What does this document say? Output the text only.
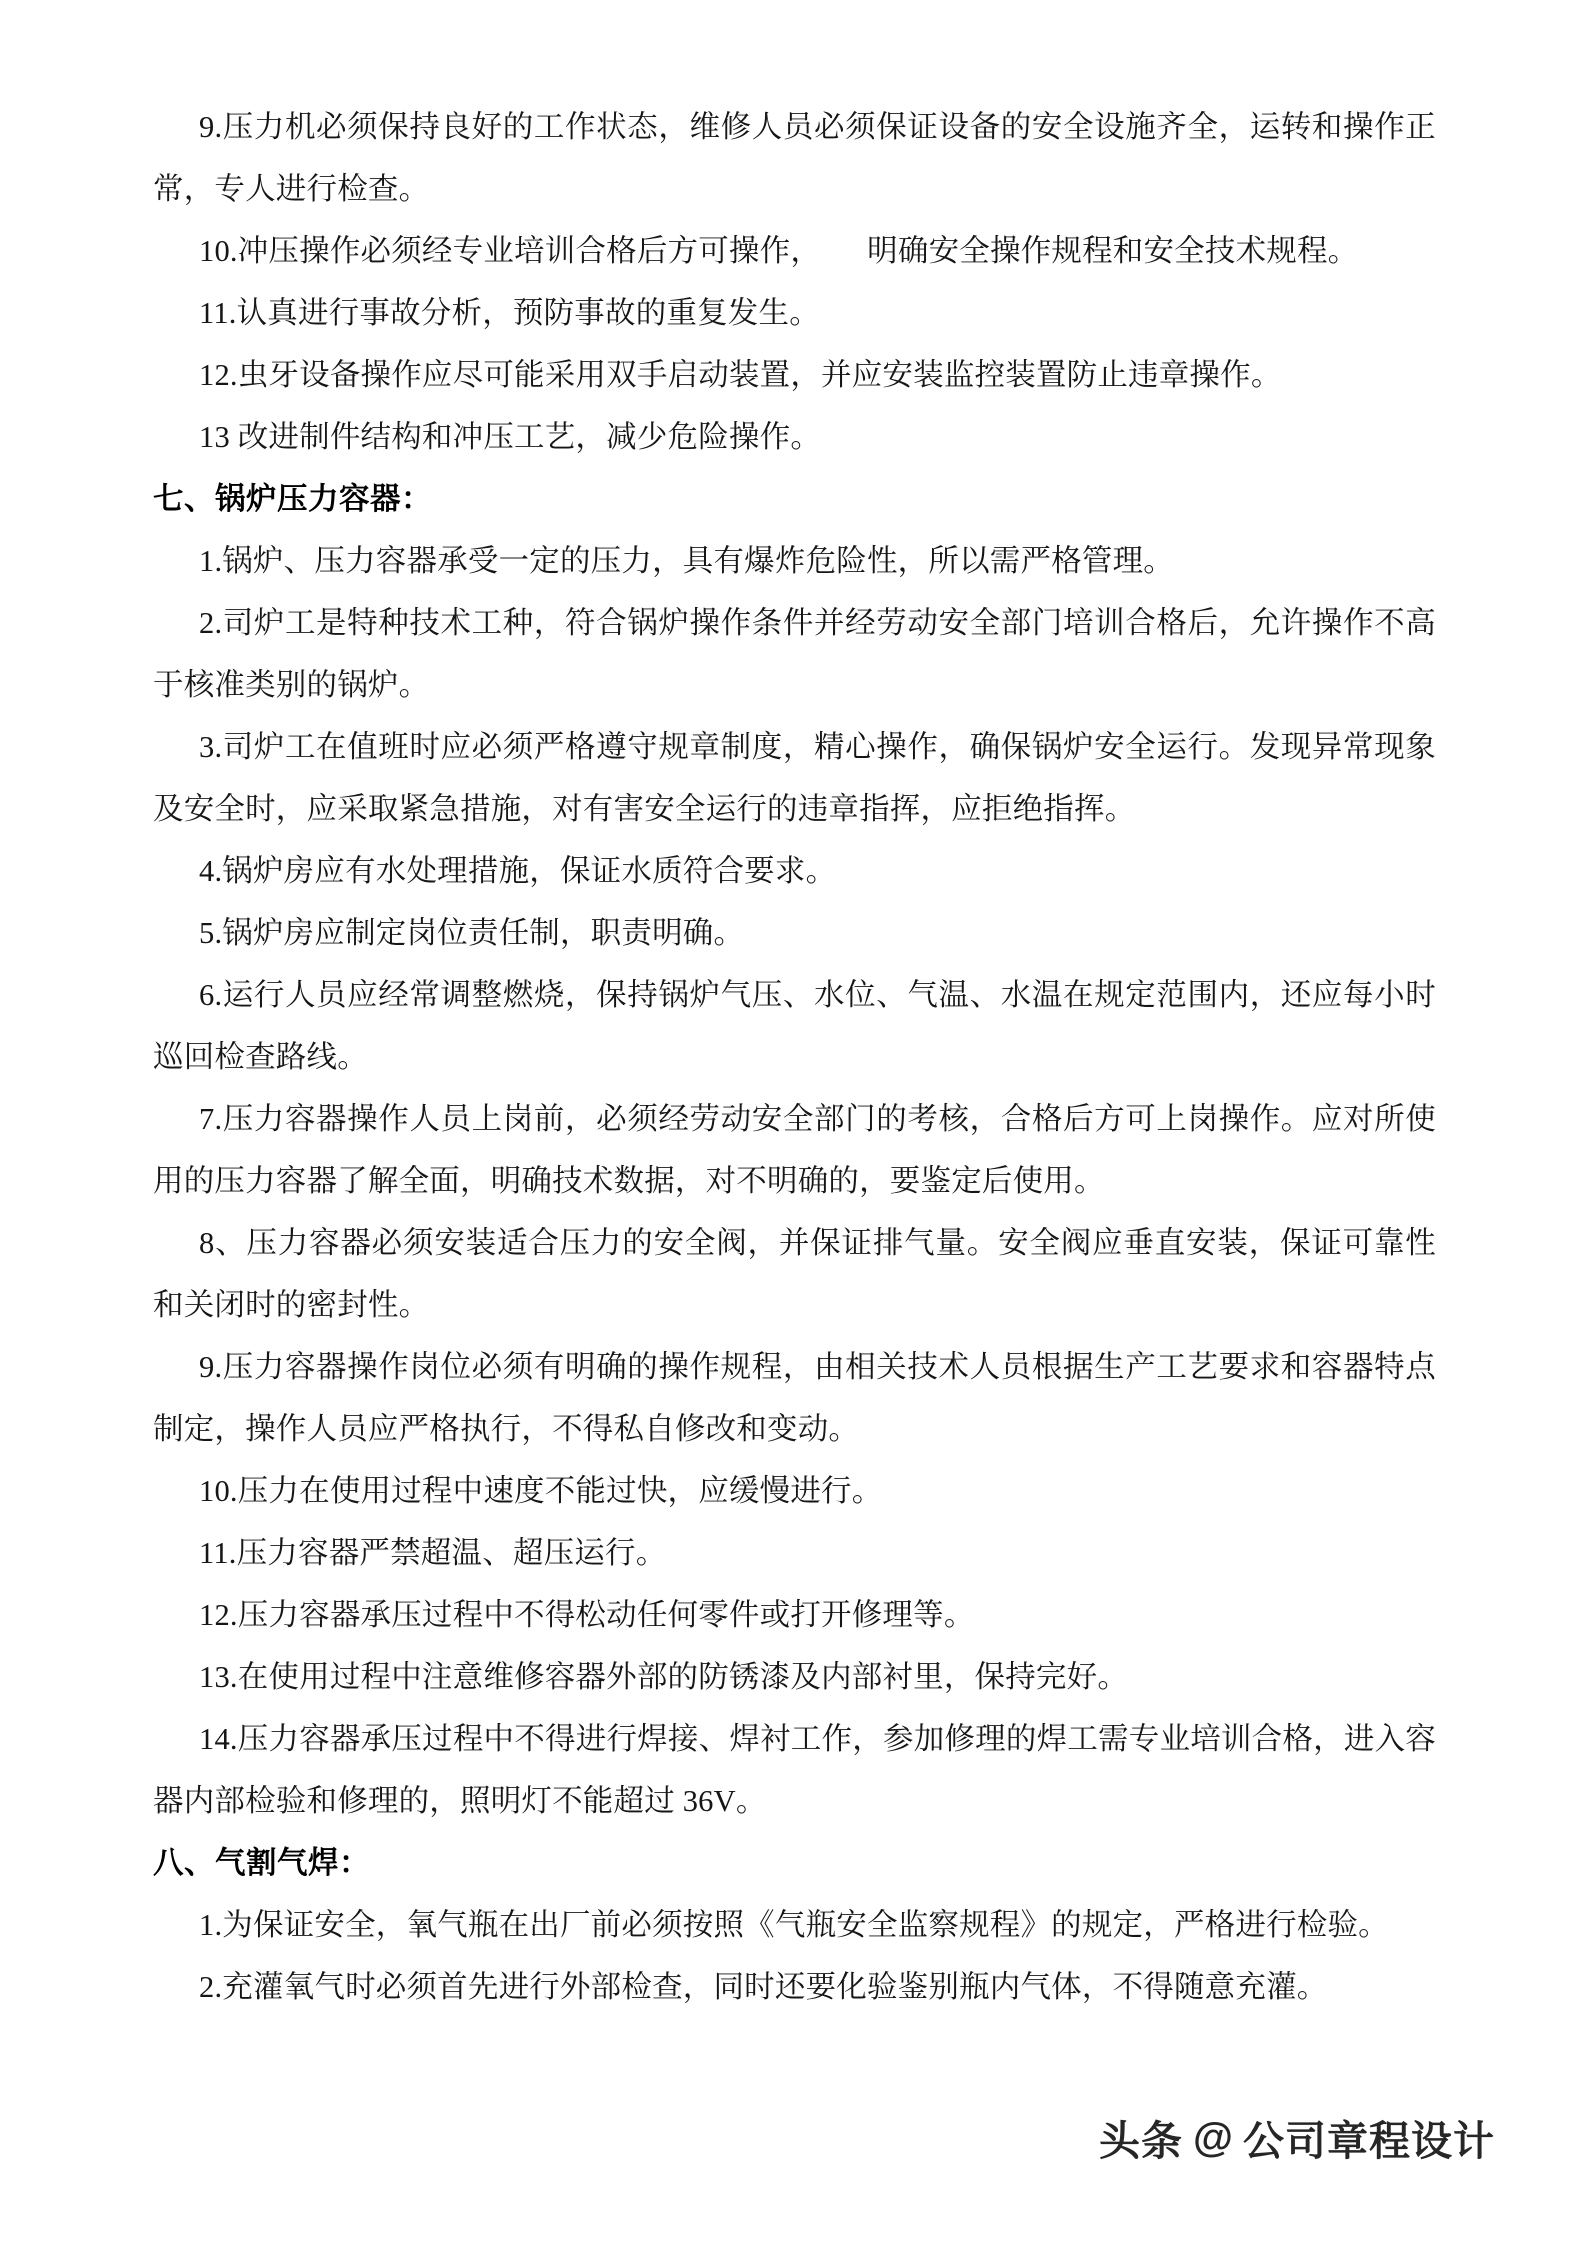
9.压力机必须保持良好的工作状态，维修人员必须保证设备的安全设施齐全，运转和操作正常，专人进行检查。

10.冲压操作必须经专业培训合格后方可操作，　　明确安全操作规程和安全技术规程。

11.认真进行事故分析，预防事故的重复发生。

12.虫牙设备操作应尽可能采用双手启动装置，并应安装监控装置防止违章操作。

13 改进制件结构和冲压工艺，减少危险操作。

七、锅炉压力容器：

1.锅炉、压力容器承受一定的压力，具有爆炸危险性，所以需严格管理。

2.司炉工是特种技术工种，符合锅炉操作条件并经劳动安全部门培训合格后，允许操作不高于核准类别的锅炉。

3.司炉工在值班时应必须严格遵守规章制度，精心操作，确保锅炉安全运行。发现异常现象及安全时，应采取紧急措施，对有害安全运行的违章指挥，应拒绝指挥。

4.锅炉房应有水处理措施，保证水质符合要求。

5.锅炉房应制定岗位责任制，职责明确。

6.运行人员应经常调整燃烧，保持锅炉气压、水位、气温、水温在规定范围内，还应每小时巡回检查路线。

7.压力容器操作人员上岗前，必须经劳动安全部门的考核，合格后方可上岗操作。应对所使用的压力容器了解全面，明确技术数据，对不明确的，要鉴定后使用。

8、压力容器必须安装适合压力的安全阀，并保证排气量。安全阀应垂直安装，保证可靠性和关闭时的密封性。

9.压力容器操作岗位必须有明确的操作规程，由相关技术人员根据生产工艺要求和容器特点制定，操作人员应严格执行，不得私自修改和变动。

10.压力在使用过程中速度不能过快，应缓慢进行。

11.压力容器严禁超温、超压运行。

12.压力容器承压过程中不得松动任何零件或打开修理等。

13.在使用过程中注意维修容器外部的防锈漆及内部衬里，保持完好。

14.压力容器承压过程中不得进行焊接、焊衬工作，参加修理的焊工需专业培训合格，进入容器内部检验和修理的，照明灯不能超过 36V。

八、气割气焊：

1.为保证安全，氧气瓶在出厂前必须按照《气瓶安全监察规程》的规定，严格进行检验。

2.充灌氧气时必须首先进行外部检查，同时还要化验鉴别瓶内气体，不得随意充灌。

头条 @ 公司章程设计
